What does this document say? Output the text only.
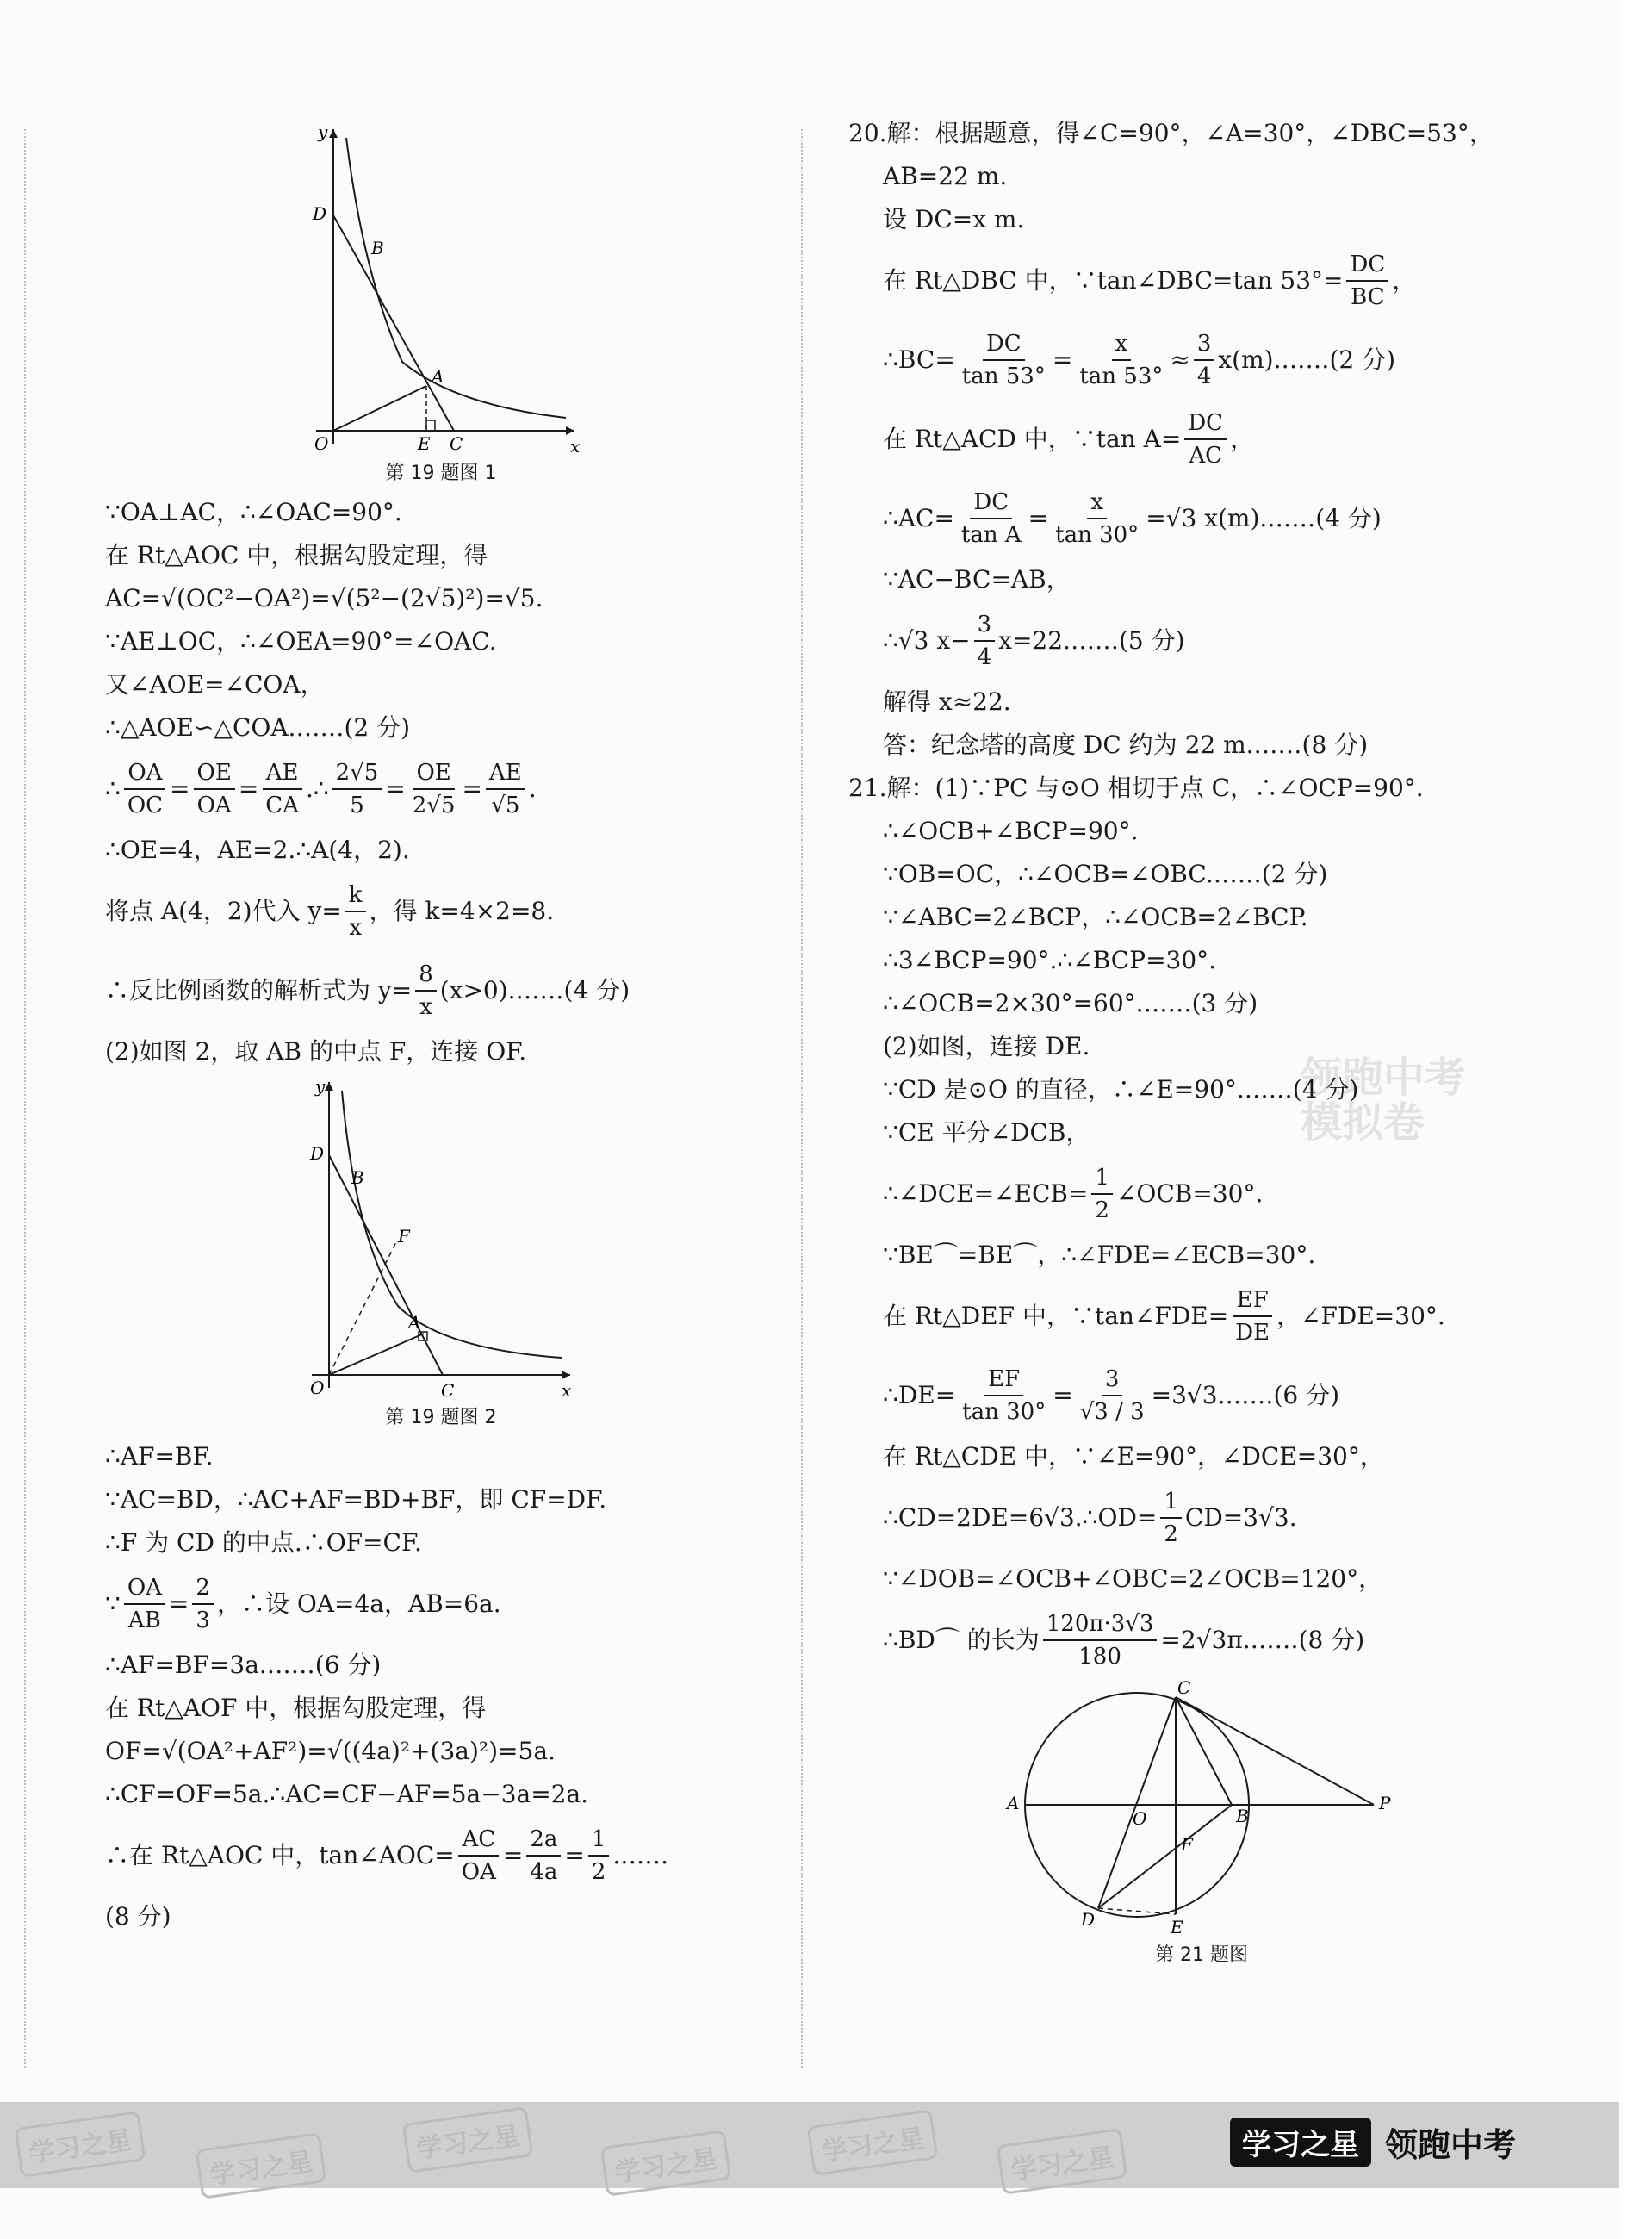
领跑中考
模拟卷
y
x
O
D
B
A
E C
第 19 题图 1
∵OA⊥AC，∴∠OAC=90°.
在 Rt△AOC 中，根据勾股定理，得
AC=√(OC²−OA²)=√(5²−(2√5)²)=√5.
∵AE⊥OC，∴∠OEA=90°=∠OAC.
又∠AOE=∠COA，
∴△AOE∽△COA.……(2 分)
∴ $\frac{OA}{OC} = \frac{OE}{OA} = \frac{AE}{CA}$ .∴ $\frac{2√5}{5} = \frac{OE}{2√5} = \frac{AE}{√5}$ .
∴OE=4，AE=2.∴A(4，2).
将点 A(4，2)代入 $y= \frac{k}{x}$ ，得 k=4×2=8.
∴反比例函数的解析式为 $y= \frac{8}{x}$ (x>0).……(4 分)
(2)如图 2，取 AB 的中点 F，连接 OF.
y
x
O
D
B
F
A
C
第 19 题图 2
∴AF=BF.
∵AC=BD，∴AC+AF=BD+BF，即 CF=DF.
∴F 为 CD 的中点.∴OF=CF.
∵ $\frac{OA}{AB} = \frac{2}{3}$ ，∴设 OA=4a，AB=6a.
∴AF=BF=3a.……(6 分)
在 Rt△AOF 中，根据勾股定理，得
OF=√(OA²+AF²)=√((4a)²+(3a)²)=5a.
∴CF=OF=5a.∴AC=CF−AF=5a−3a=2a.
∴在 Rt△AOC 中，tan∠AOC= $\frac{AC}{OA} = \frac{2a}{4a} = \frac{1}{2}$ .……
(8 分)
20.解：根据题意，得∠C=90°，∠A=30°，∠DBC=53°，
AB=22 m.
设 DC=x m.
在 Rt△DBC 中，∵tan∠DBC=tan $53^\circ= \frac{DC}{BC}$ ，
∴BC= $\frac{DC}{\tan 53^\circ} = \frac{x}{\tan 53^\circ} \approx \frac{3}{4}$ x(m).……(2 分)
在 Rt△ACD 中，∵tan $A= \frac{DC}{AC}$ ，
∴AC= $\frac{DC}{\text{tan A}} = \frac{x}{\tan 30^\circ} =√3$ x(m).……(4 分)
∵AC−BC=AB，
∴√3 $x- \frac{3}{4}$ x=22.……(5 分)
解得 x≈22.
答：纪念塔的高度 DC 约为 22 m.……(8 分)
21.解：(1)∵PC 与⊙O 相切于点 C，∴∠OCP=90°.
∴∠OCB+∠BCP=90°.
∵OB=OC，∴∠OCB=∠OBC.……(2 分)
∵∠ABC=2∠BCP，∴∠OCB=2∠BCP.
∴3∠BCP=90°.∴∠BCP=30°.
∴∠OCB=2×30°=60°.……(3 分)
(2)如图，连接 DE.
∵CD 是⊙O 的直径，∴∠E=90°.……(4 分)
∵CE 平分∠DCB，
∴∠DCE=∠ECB= $\frac{1}{2}$ ∠OCB=30°.
∵BE⌒=BE⌒，∴∠FDE=∠ECB=30°.
在 Rt△DEF 中，∵tan∠FDE= $\frac{EF}{DE}$ ，∠FDE=30°.
∴DE= $\frac{EF}{\tan 30^\circ} = \frac{3}{√3 / 3}$ =3√3.……(6 分)
在 Rt△CDE 中，∵∠E=90°，∠DCE=30°，
∴CD=2DE=6√3.∴OD= $\frac{1}{2} CD=3√3$.
∵∠DOB=∠OCB+∠OBC=2∠OCB=120°，
∴BD⌒ 的长为 $\frac{120\pi\cdot 3√3}{180}$ =2√3π.……(8 分)
C
A
O	B
P
F
D	E
第 21 题图
学习之星	学习之星
学习之星
学习之星	学习之星	学习之星	学习之星 领跑中考
